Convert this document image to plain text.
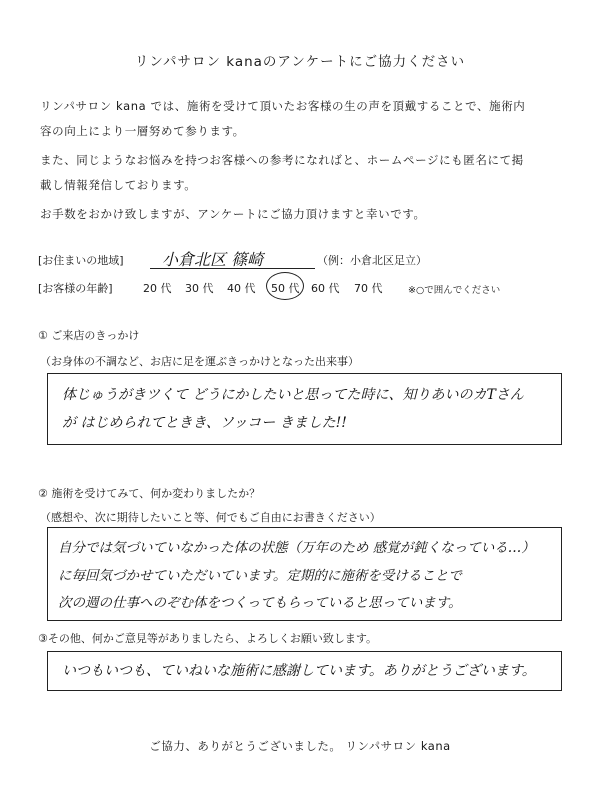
リンパサロン kanaのアンケートにご協力ください
リンパサロン kana では、施術を受けて頂いたお客様の生の声を頂戴することで、施術内
容の向上により一層努めて参ります。
また、同じようなお悩みを持つお客様への参考になればと、ホームページにも匿名にて掲
載し情報発信しております。
お手数をおかけ致しますが、アンケートにご協力頂けますと幸いです。
[お住まいの地域] 小倉北区 篠崎	（例：小倉北区足立）
[お客様の年齢]	20 代 30 代 40 代 50 代 60 代 70 代	※○で囲んでください
① ご来店のきっかけ
（お身体の不調など、お店に足を運ぶきっかけとなった出来事）
体じゅうがきツくて どうにかしたいと思ってた時に、知りあいのカTさん
が はじめられてときき、ソッコー きました!!
② 施術を受けてみて、何か変わりましたか？
（感想や、次に期待したいこと等、何でもご自由にお書きください）
自分では気づいていなかった体の状態（万年のため 感覚が鈍くなっている…）
に毎回気づかせていただいています。定期的に施術を受けることで
次の週の仕事へのぞむ体をつくってもらっていると思っています。
③その他、何かご意見等がありましたら、よろしくお願い致します。
いつもいつも、ていねいな施術に感謝しています。ありがとうございます。
ご協力、ありがとうございました。 リンパサロン kana
